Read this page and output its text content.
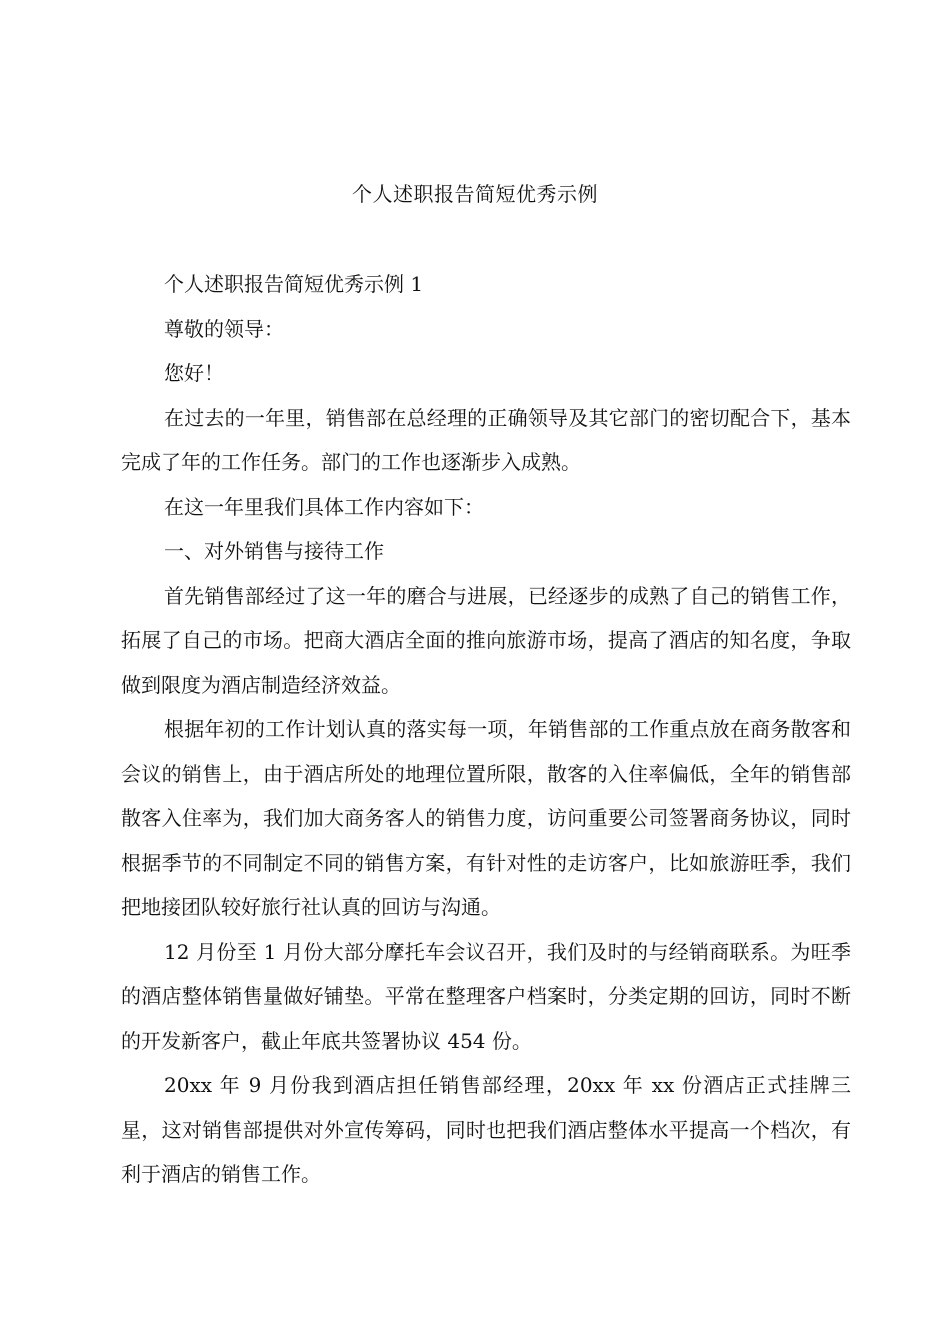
个人述职报告简短优秀示例

个人述职报告简短优秀示例 1

尊敬的领导：

您好！

在过去的一年里，销售部在总经理的正确领导及其它部门的密切配合下，基本完成了年的工作任务。部门的工作也逐渐步入成熟。

在这一年里我们具体工作内容如下：

一、对外销售与接待工作

首先销售部经过了这一年的磨合与进展，已经逐步的成熟了自己的销售工作，拓展了自己的市场。把商大酒店全面的推向旅游市场，提高了酒店的知名度，争取做到限度为酒店制造经济效益。

根据年初的工作计划认真的落实每一项，年销售部的工作重点放在商务散客和会议的销售上，由于酒店所处的地理位置所限，散客的入住率偏低，全年的销售部散客入住率为，我们加大商务客人的销售力度，访问重要公司签署商务协议，同时根据季节的不同制定不同的销售方案，有针对性的走访客户，比如旅游旺季，我们把地接团队较好旅行社认真的回访与沟通。

12 月份至 1 月份大部分摩托车会议召开，我们及时的与经销商联系。为旺季的酒店整体销售量做好铺垫。平常在整理客户档案时，分类定期的回访，同时不断的开发新客户，截止年底共签署协议 454 份。

20xx 年 9 月份我到酒店担任销售部经理，20xx 年 xx 份酒店正式挂牌三星，这对销售部提供对外宣传筹码，同时也把我们酒店整体水平提高一个档次，有利于酒店的销售工作。
